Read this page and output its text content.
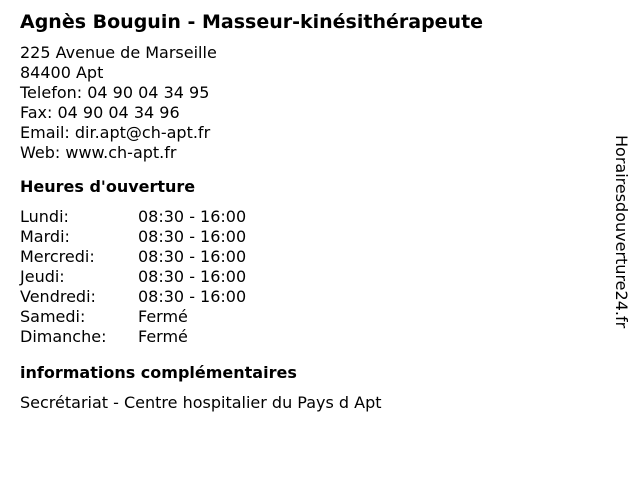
Agnès Bouguin - Masseur-kinésithérapeute
225 Avenue de Marseille
84400 Apt
Telefon: 04 90 04 34 95
Fax: 04 90 04 34 96
Email: dir.apt@ch-apt.fr
Web: www.ch-apt.fr
Heures d'ouverture
Lundi:	08:30 - 16:00
Mardi:	08:30 - 16:00
Mercredi:	08:30 - 16:00
Jeudi:	08:30 - 16:00
Vendredi:	08:30 - 16:00
Samedi:	Fermé
Dimanche: Fermé
informations complémentaires
Secrétariat - Centre hospitalier du Pays d Apt
Horairesdouverture24.fr
